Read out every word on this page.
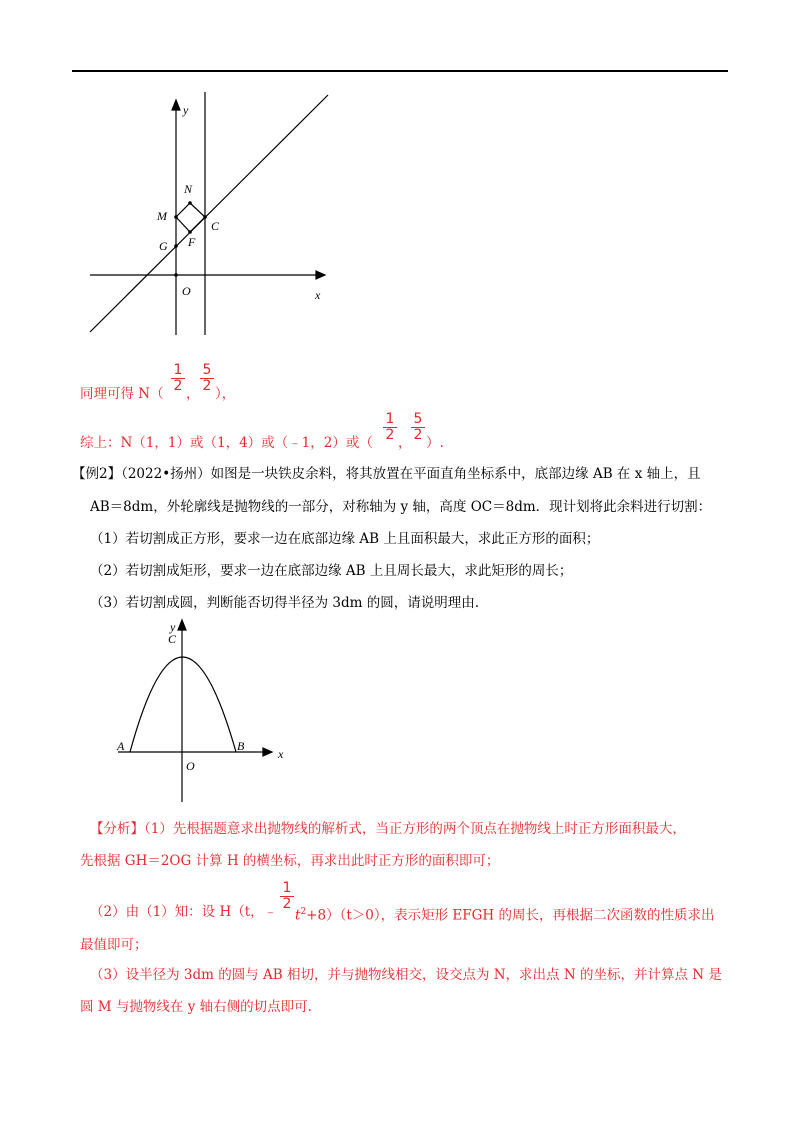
y
x
N
M
C
G F
O
同理可得 $N( \frac{1}{2}$ ， $\frac{5}{2}$ ），
综上：N（1，1）或（1，4）或（﹣1，2）或（ $\frac{1}{2}$ ， $\frac{5}{2}$ ）.
【例2】（2022•扬州）如图是一块铁皮余料，将其放置在平面直角坐标系中，底部边缘 AB 在 x 轴上，且
AB＝8dm，外轮廓线是抛物线的一部分，对称轴为 y 轴，高度 OC＝8dm．现计划将此余料进行切割：
（1）若切割成正方形，要求一边在底部边缘 AB 上且面积最大，求此正方形的面积；
（2）若切割成矩形，要求一边在底部边缘 AB 上且周长最大，求此矩形的周长；
（3）若切割成圆，判断能否切得半径为 3dm 的圆，请说明理由.
y
C
x
A	B
O
【分析】（1）先根据题意求出抛物线的解析式，当正方形的两个顶点在抛物线上时正方形面积最大，
先根据 GH＝2OG 计算 H 的横坐标，再求出此时正方形的面积即可；
（2）由（1）知：设 H（t，﹣ $\frac{1}{2}$
$t^2+8)(t>0)$，表示矩形 EFGH 的周长，再根据二次函数的性质求出
最值即可；
（3）设半径为 3dm 的圆与 AB 相切，并与抛物线相交，设交点为 N，求出点 N 的坐标，并计算点 N 是
圆 M 与抛物线在 y 轴右侧的切点即可.
